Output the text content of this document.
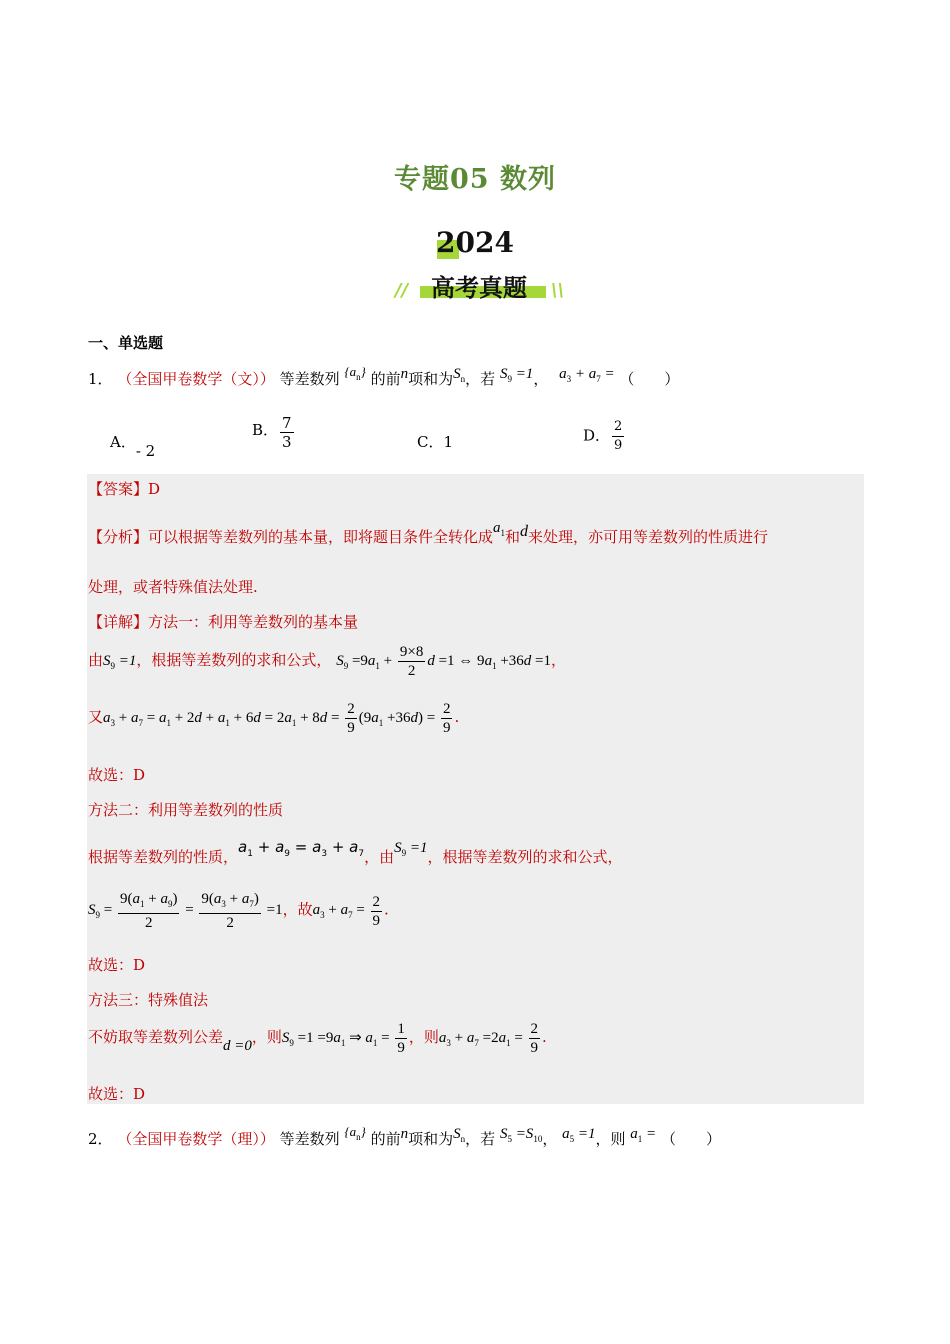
专题05 数列
2024
高考真题
//	\\
一、单选题
1． （全国甲卷数学（文）） 等差数列 $\{a_n\}$ 的前n项和为$S_n$，若 $S_9 =1$， $a_3 + a_7$ = （　　）
A．- 2
B． $\frac{7}{3}$	C．1	D． $\frac{2}{9}$
【答案】D
【分析】可以根据等差数列的基本量，即将题目条件全转化成$a_1$和d来处理，亦可用等差数列的性质进行
处理，或者特殊值法处理.
【详解】方法一：利用等差数列的基本量
由$S_9 =1$，根据等差数列的求和公式， $S_9 =9a_1 + \frac{9\times 8}{2}$ d =1 ⇔ $9a_1 +36d =1$，
又$a_3 + a_7 = a_1 + 2d + a_1 + 6d = 2a_1 + 8d = \frac{2}{9} (9a_1 +36d) = \frac{2}{9}$ .
故选：D
方法二：利用等差数列的性质
根据等差数列的性质，$a_1 + a_9 = a_3 + a_7$，由$S_9 =1$，根据等差数列的求和公式，
$S_9 = \frac{9(a_1 + a_9)}{2} = \frac{9(a_3 + a_7)}{2} =1$，故$a_3 + a_7 = \frac{2}{9}$ .
故选：D
方法三：特殊值法
不妨取等差数列公差d =0，则$S_9 =1 =9a_1$ ⇒ $a_1 = \frac{1}{9}$ ，则$a_3 + a_7 =2a_1 = \frac{2}{9}$ .
故选：D
2． （全国甲卷数学（理）） 等差数列 $\{a_n\}$ 的前n项和为$S_n$，若 $S_5 =S_{10}$， $a_5 =1$，则 $a_1$ = （　　）
